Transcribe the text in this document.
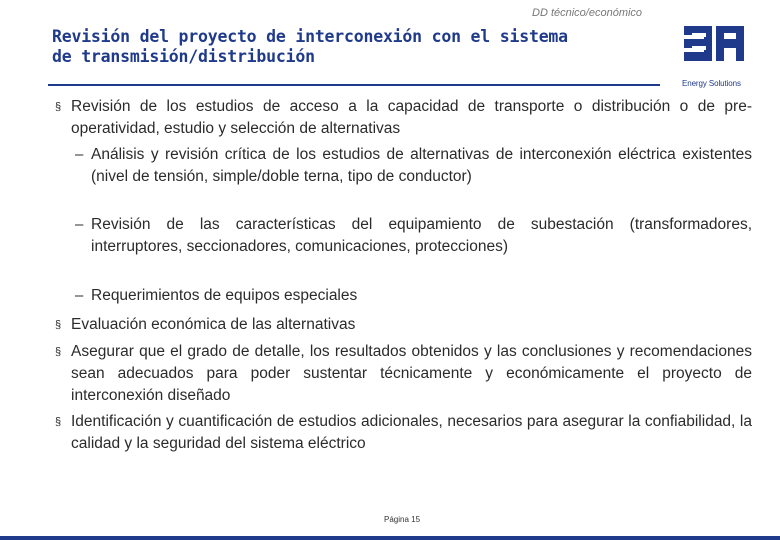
DD técnico/económico
Revisión del proyecto de interconexión con el sistema
de transmisión/distribución
Energy Solutions
§ Revisión de los estudios de acceso a la capacidad de transporte o distribución o de pre-operatividad, estudio y selección de alternativas
– Análisis y revisión crítica de los estudios de alternativas de interconexión eléctrica existentes (nivel de tensión, simple/doble terna, tipo de conductor)
– Revisión de las características del equipamiento de subestación (transformadores, interruptores, seccionadores, comunicaciones, protecciones)
– Requerimientos de equipos especiales
§ Evaluación económica de las alternativas
§ Asegurar que el grado de detalle, los resultados obtenidos y las conclusiones y recomendaciones sean adecuados para poder sustentar técnicamente y económicamente el proyecto de interconexión diseñado
§ Identificación y cuantificación de estudios adicionales, necesarios para asegurar la confiabilidad, la calidad y la seguridad del sistema eléctrico
Página 15
